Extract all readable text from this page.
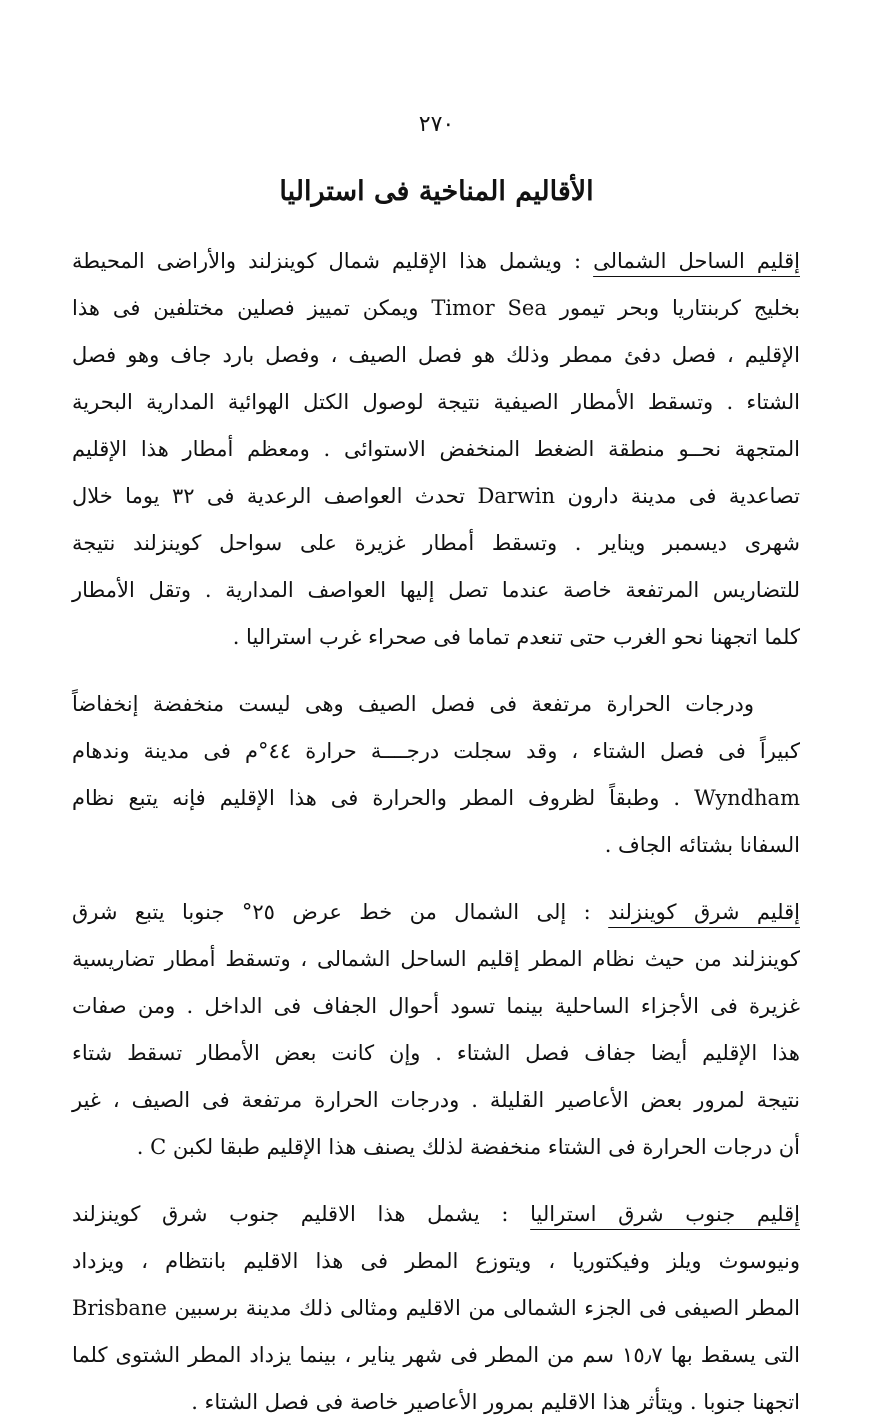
٢٧٠
الأقاليم المناخية فى استراليا
إقليم الساحل الشمالى : ويشمل هذا الإقليم شمال كوينزلند والأراضى المحيطة
بخليج كربنتاريا وبحر تيمور Timor Sea ويمكن تمييز فصلين مختلفين فى هذا
الإقليم ، فصل دفئ ممطر وذلك هو فصل الصيف ، وفصل بارد جاف وهو فصل
الشتاء . وتسقط الأمطار الصيفية نتيجة لوصول الكتل الهوائية المدارية البحرية
المتجهة نحــو منطقة الضغط المنخفض الاستوائى . ومعظم أمطار هذا الإقليم
تصاعدية فى مدينة دارون Darwin تحدث العواصف الرعدية فى ٣٢ يوما خلال
شهرى ديسمبر ويناير . وتسقط أمطار غزيرة على سواحل كوينزلند نتيجة
للتضاريس المرتفعة خاصة عندما تصل إليها العواصف المدارية . وتقل الأمطار
كلما اتجهنا نحو الغرب حتى تنعدم تماما فى صحراء غرب استراليا .
ودرجات الحرارة مرتفعة فى فصل الصيف وهى ليست منخفضة إنخفاضاً
كبيراً فى فصل الشتاء ، وقد سجلت درجــــة حرارة ٤٤°م فى مدينة وندهام
Wyndham . وطبقاً لظروف المطر والحرارة فى هذا الإقليم فإنه يتبع نظام
السفانا بشتائه الجاف .
إقليم شرق كوينزلند : إلى الشمال من خط عرض ٢٥° جنوبا يتبع شرق
كوينزلند من حيث نظام المطر إقليم الساحل الشمالى ، وتسقط أمطار تضاريسية
غزيرة فى الأجزاء الساحلية بينما تسود أحوال الجفاف فى الداخل . ومن صفات
هذا الإقليم أيضا جفاف فصل الشتاء . وإن كانت بعض الأمطار تسقط شتاء
نتيجة لمرور بعض الأعاصير القليلة . ودرجات الحرارة مرتفعة فى الصيف ، غير
أن درجات الحرارة فى الشتاء منخفضة لذلك يصنف هذا الإقليم طبقا لكبن C .
إقليم جنوب شرق استراليا : يشمل هذا الاقليم جنوب شرق كوينزلند
ونيوسوث ويلز وفيكتوريا ، ويتوزع المطر فى هذا الاقليم بانتظام ، ويزداد
المطر الصيفى فى الجزء الشمالى من الاقليم ومثالى ذلك مدينة برسبين Brisbane
التى يسقط بها ١٥٫٧ سم من المطر فى شهر يناير ، بينما يزداد المطر الشتوى كلما
اتجهنا جنوبا . ويتأثر هذا الاقليم بمرور الأعاصير خاصة فى فصل الشتاء .
